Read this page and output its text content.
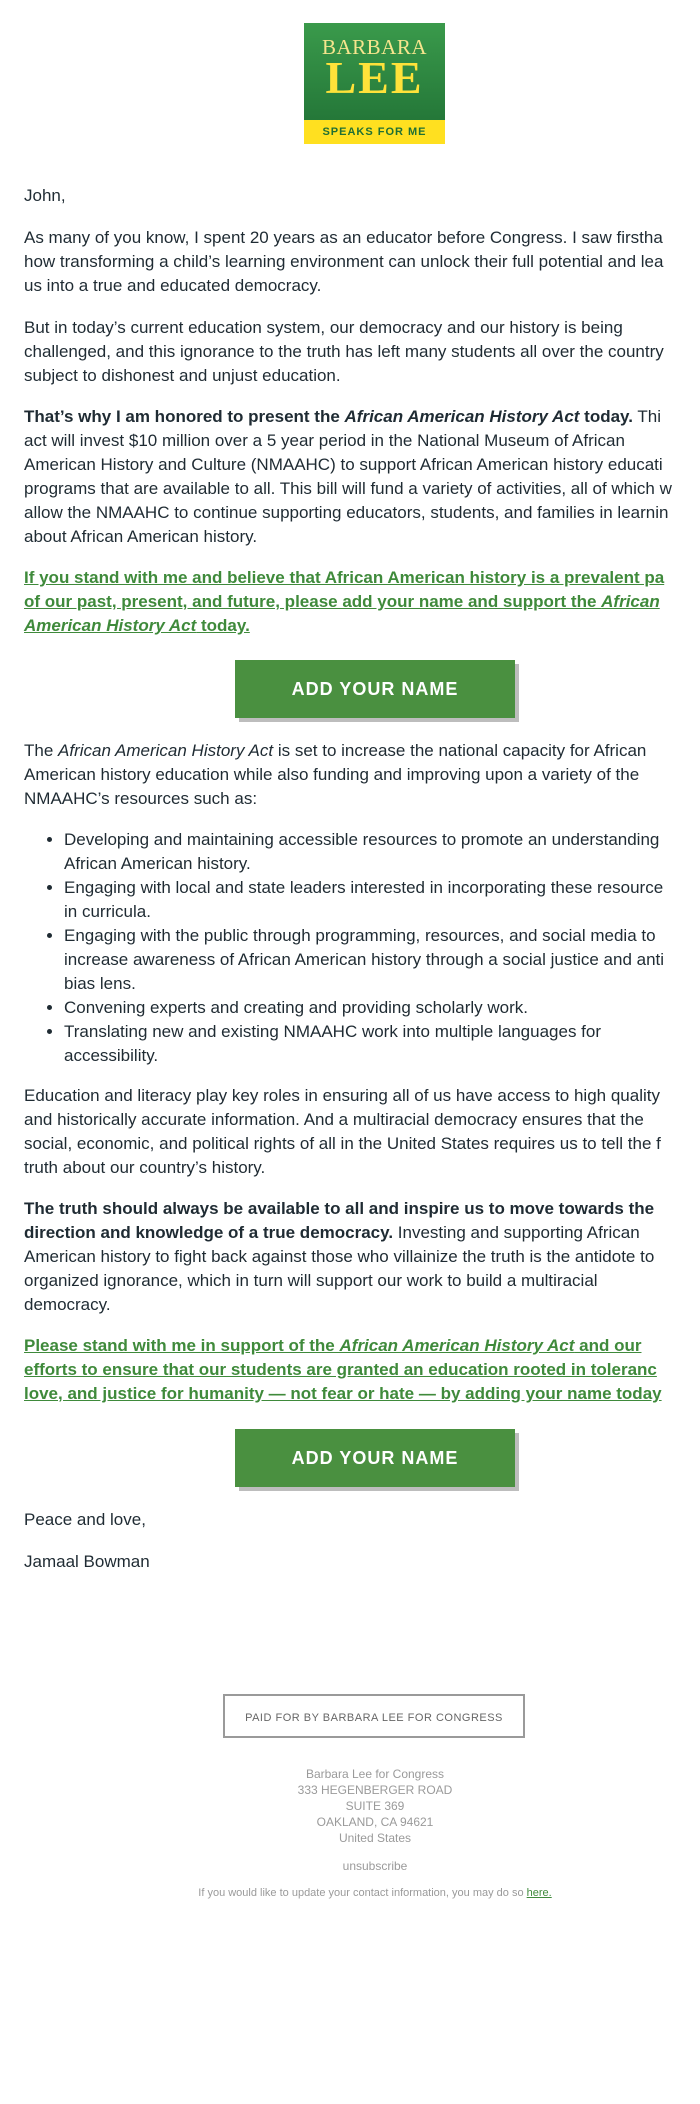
BARBARA
LEE
SPEAKS FOR ME

John,

As many of you know, I spent 20 years as an educator before Congress. I saw firstha

how transforming a child’s learning environment can unlock their full potential and lea

us into a true and educated democracy.

But in today’s current education system, our democracy and our history is being

challenged, and this ignorance to the truth has left many students all over the country

subject to dishonest and unjust education.

That’s why I am honored to present the African American History Act today. Thi

act will invest $10 million over a 5 year period in the National Museum of African

American History and Culture (NMAAHC) to support African American history educati

programs that are available to all. This bill will fund a variety of activities, all of which w

allow the NMAAHC to continue supporting educators, students, and families in learnin

about African American history.

If you stand with me and believe that African American history is a prevalent pa

of our past, present, and future, please add your name and support the African

American History Act today.

ADD YOUR NAME

The African American History Act is set to increase the national capacity for African

American history education while also funding and improving upon a variety of the

NMAAHC’s resources such as:

• Developing and maintaining accessible resources to promote an understanding
African American history.
• Engaging with local and state leaders interested in incorporating these resource
in curricula.
• Engaging with the public through programming, resources, and social media to
increase awareness of African American history through a social justice and anti
bias lens.
• Convening experts and creating and providing scholarly work.
• Translating new and existing NMAAHC work into multiple languages for
accessibility.

Education and literacy play key roles in ensuring all of us have access to high quality

and historically accurate information. And a multiracial democracy ensures that the

social, economic, and political rights of all in the United States requires us to tell the f

truth about our country’s history.

The truth should always be available to all and inspire us to move towards the

direction and knowledge of a true democracy. Investing and supporting African

American history to fight back against those who villainize the truth is the antidote to

organized ignorance, which in turn will support our work to build a multiracial

democracy.

Please stand with me in support of the African American History Act and our

efforts to ensure that our students are granted an education rooted in toleranc

love, and justice for humanity — not fear or hate — by adding your name today

ADD YOUR NAME

Peace and love,

Jamaal Bowman

PAID FOR BY BARBARA LEE FOR CONGRESS
Barbara Lee for Congress
333 HEGENBERGER ROAD
SUITE 369
OAKLAND, CA 94621
United States
unsubscribe
If you would like to update your contact information, you may do so here.
